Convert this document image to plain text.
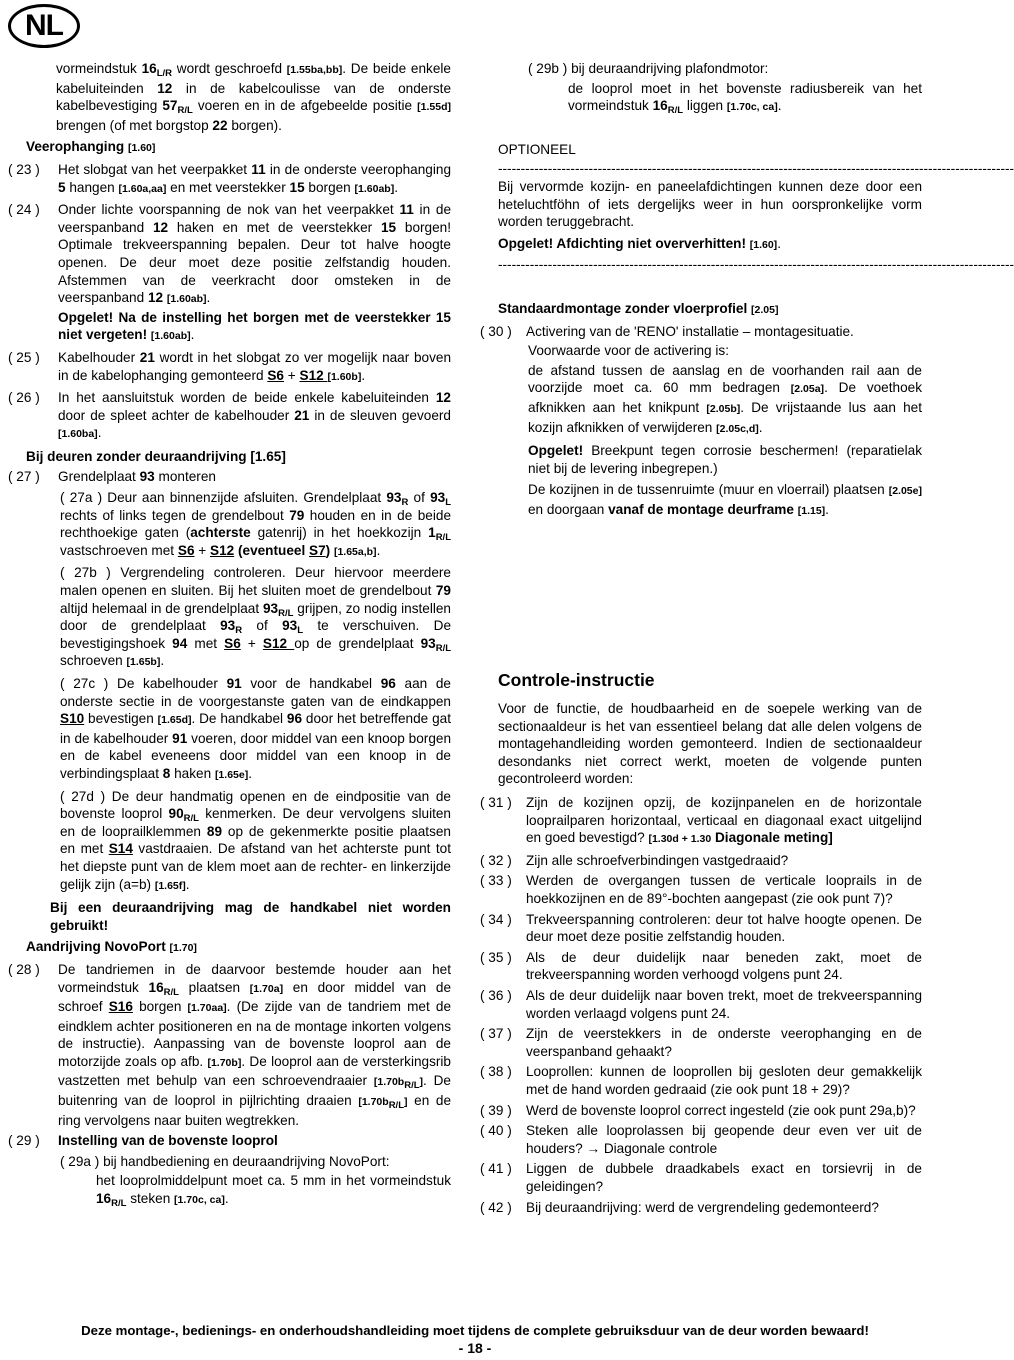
NL

vormeindstuk $16_{L/R}$ wordt geschroefd [1.55ba,bb]. De beide enkele kabeluiteinden 12 in de kabelcoulisse van de onderste kabelbevestiging $57_{R/L}$ voeren en in de afgebeelde positie [1.55d] brengen (of met borgstop 22 borgen).

Veerophanging [1.60]
( 23 )	Het slobgat van het veerpakket 11 in de onderste veerophanging 5 hangen [1.60a,aa] en met veerstekker 15 borgen [1.60ab].
( 24 )	Onder lichte voorspanning de nok van het veerpakket 11 in de veerspanband 12 haken en met de veerstekker 15 borgen! Optimale trekveerspanning bepalen. Deur tot halve hoogte openen. De deur moet deze positie zelfstandig houden. Afstemmen van de veerkracht door omsteken in de veerspanband 12 [1.60ab].
Opgelet! Na de instelling het borgen met de veerstekker 15 niet vergeten! [1.60ab].
( 25 )	Kabelhouder 21 wordt in het slobgat zo ver mogelijk naar boven in de kabelophanging gemonteerd S6 + S12 [1.60b].
( 26 )	In het aansluitstuk worden de beide enkele kabeluiteinden 12 door de spleet achter de kabelhouder 21 in de sleuven gevoerd [1.60ba].
Bij deuren zonder deuraandrijving [1.65]
( 27 )	Grendelplaat 93 monteren

( 27a ) Deur aan binnenzijde afsluiten. Grendelplaat $93_R$ of $93_L$ rechts of links tegen de grendelbout 79 houden en in de beide rechthoekige gaten (achterste gatenrij) in het hoekkozijn $1_{R/L}$ vastschroeven met S6 + S12 (eventueel S7) [1.65a,b].

( 27b ) Vergrendeling controleren. Deur hiervoor meerdere malen openen en sluiten. Bij het sluiten moet de grendelbout 79 altijd helemaal in de grendelplaat $93_{R/L}$ grijpen, zo nodig instellen door de grendelplaat $93_R$ of $93_L$ te verschuiven. De bevestigingshoek 94 met S6 + S12 op de grendelplaat $93_{R/L}$ schroeven [1.65b].

( 27c ) De kabelhouder 91 voor de handkabel 96 aan de onderste sectie in de voorgestanste gaten van de eindkappen S10 bevestigen [1.65d]. De handkabel 96 door het betreffende gat in de kabelhouder 91 voeren, door middel van een knoop borgen en de kabel eveneens door middel van een knoop in de verbindingsplaat 8 haken [1.65e].

( 27d ) De deur handmatig openen en de eindpositie van de bovenste looprol $90_{R/L}$ kenmerken. De deur vervolgens sluiten en de looprailklemmen 89 op de gekenmerkte positie plaatsen en met S14 vastdraaien. De afstand van het achterste punt tot het diepste punt van de klem moet aan de rechter- en linkerzijde gelijk zijn (a=b) [1.65f].

Bij een deuraandrijving mag de handkabel niet worden gebruikt!

Aandrijving NovoPort [1.70]
( 28 )	De tandriemen in de daarvoor bestemde houder aan het vormeindstuk $16_{R/L}$ plaatsen [1.70a] en door middel van de schroef S16 borgen [1.70aa]. (De zijde van de tandriem met de eindklem achter positioneren en na de montage inkorten volgens de instructie). Aanpassing van de bovenste looprol aan de motorzijde zoals op afb. [1.70b]. De looprol aan de versterkingsrib vastzetten met behulp van een schroevendraaier $[1.70b_{R/L}]$. De buitenring van de looprol in pijlrichting draaien $[1.70b_{R/L}]$ en de ring vervolgens naar buiten wegtrekken.
( 29 )	Instelling van de bovenste looprol

( 29a ) bij handbediening en deuraandrijving NovoPort:

het looprolmiddelpunt moet ca. 5 mm in het vormeindstuk $16_{R/L}$ steken [1.70c, ca].

( 29b ) bij deuraandrijving plafondmotor:

de looprol moet in het bovenste radiusbereik van het vormeindstuk $16_{R/L}$ liggen [1.70c, ca].

OPTIONEEL

------------------------------------------------------------------------------------------------------------------

Bij vervormde kozijn- en paneelafdichtingen kunnen deze door een heteluchtföhn of iets dergelijks weer in hun oorspronkelijke vorm worden teruggebracht.

Opgelet! Afdichting niet oververhitten! [1.60].

------------------------------------------------------------------------------------------------------------------
Standaardmontage zonder vloerprofiel [2.05]
( 30 )	Activering van de 'RENO' installatie – montagesituatie.

Voorwaarde voor de activering is:

de afstand tussen de aanslag en de voorhanden rail aan de voorzijde moet ca. 60 mm bedragen [2.05a]. De voethoek afknikken aan het knikpunt [2.05b]. De vrijstaande lus aan het kozijn afknikken of verwijderen [2.05c,d].

Opgelet! Breekpunt tegen corrosie beschermen! (reparatielak niet bij de levering inbegrepen.)

De kozijnen in de tussenruimte (muur en vloerrail) plaatsen [2.05e] en doorgaan vanaf de montage deurframe [1.15].

Controle-instructie

Voor de functie, de houdbaarheid en de soepele werking van de sectionaaldeur is het van essentieel belang dat alle delen volgens de montagehandleiding worden gemonteerd. Indien de sectionaaldeur desondanks niet correct werkt, moeten de volgende punten gecontroleerd worden:

( 31 )	Zijn de kozijnen opzij, de kozijnpanelen en de horizontale looprailparen horizontaal, verticaal en diagonaal exact uitgelijnd en goed bevestigd? [1.30d + 1.30 Diagonale meting]
( 32 )	Zijn alle schroefverbindingen vastgedraaid?
( 33 )	Werden de overgangen tussen de verticale looprails in de hoekkozijnen en de 89°-bochten aangepast (zie ook punt 7)?
( 34 )	Trekveerspanning controleren: deur tot halve hoogte openen. De deur moet deze positie zelfstandig houden.
( 35 )	Als de deur duidelijk naar beneden zakt, moet de trekveerspanning worden verhoogd volgens punt 24.
( 36 )	Als de deur duidelijk naar boven trekt, moet de trekveerspanning worden verlaagd volgens punt 24.
( 37 )	Zijn de veerstekkers in de onderste veerophanging en de veerspanband gehaakt?
( 38 )	Looprollen: kunnen de looprollen bij gesloten deur gemakkelijk met de hand worden gedraaid (zie ook punt 18 + 29)?
( 39 )	Werd de bovenste looprol correct ingesteld (zie ook punt 29a,b)?
( 40 )	Steken alle looprolassen bij geopende deur even ver uit de houders? → Diagonale controle
( 41 )	Liggen de dubbele draadkabels exact en torsievrij in de geleidingen?
( 42 )	Bij deuraandrijving: werd de vergrendeling gedemonteerd?
Deze montage-, bedienings- en onderhoudshandleiding moet tijdens de complete gebruiksduur van de deur worden bewaard!
- 18 -
